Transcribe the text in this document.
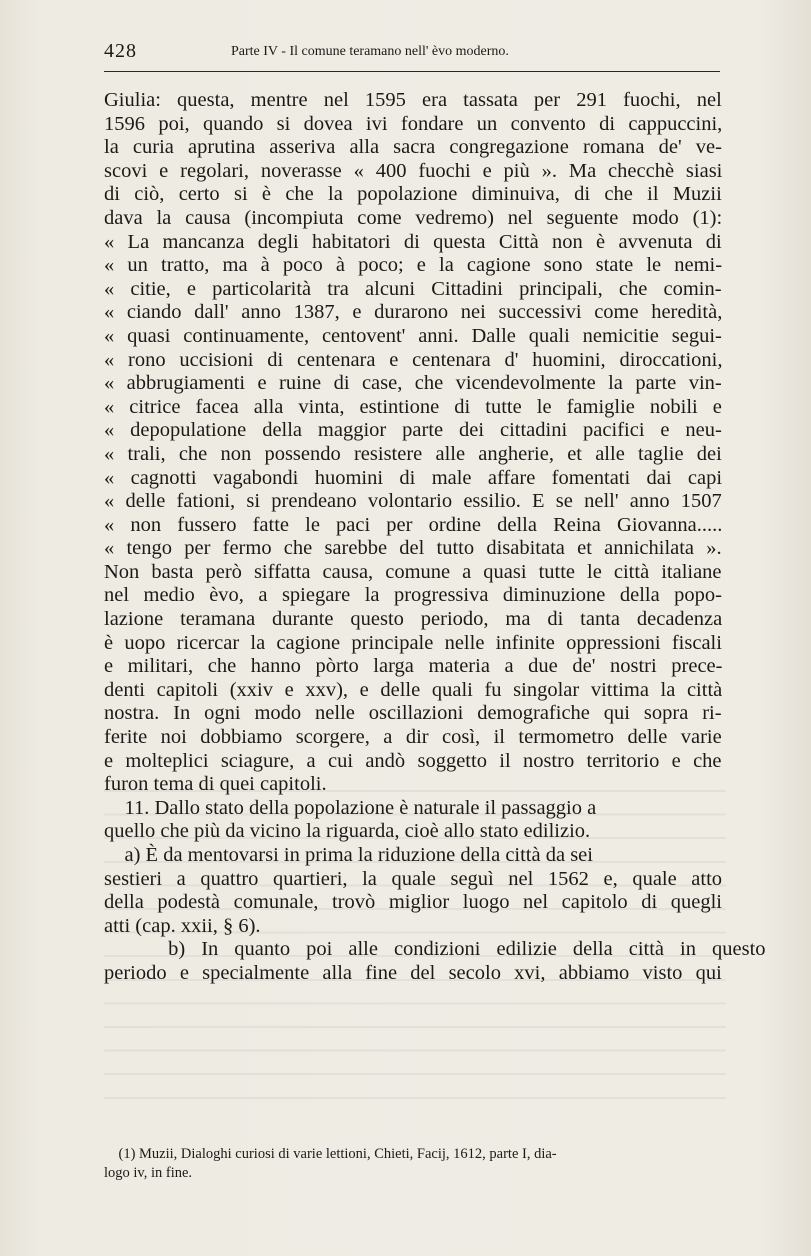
428	Parte IV - Il comune teramano nell' èvo moderno.
Giulia: questa, mentre nel 1595 era tassata per 291 fuochi, nel
1596 poi, quando si dovea ivi fondare un convento di cappuccini,
la curia aprutina asseriva alla sacra congregazione romana de' ve-
scovi e regolari, noverasse « 400 fuochi e più ». Ma checchè siasi
di ciò, certo si è che la popolazione diminuiva, di che il Muzii
dava la causa (incompiuta come vedremo) nel seguente modo (1):
« La mancanza degli habitatori di questa Città non è avvenuta di
« un tratto, ma à poco à poco; e la cagione sono state le nemi-
« citie, e particolarità tra alcuni Cittadini principali, che comin-
« ciando dall' anno 1387, e durarono nei successivi come heredità,
« quasi continuamente, centovent' anni. Dalle quali nemicitie segui-
« rono uccisioni di centenara e centenara d' huomini, diroccationi,
« abbrugiamenti e ruine di case, che vicendevolmente la parte vin-
« citrice facea alla vinta, estintione di tutte le famiglie nobili e
« depopulatione della maggior parte dei cittadini pacifici e neu-
« trali, che non possendo resistere alle angherie, et alle taglie dei
« cagnotti vagabondi huomini di male affare fomentati dai capi
« delle fationi, si prendeano volontario essilio. E se nell' anno 1507
« non fussero fatte le paci per ordine della Reina Giovanna.....
« tengo per fermo che sarebbe del tutto disabitata et annichilata ».
Non basta però siffatta causa, comune a quasi tutte le città italiane
nel medio èvo, a spiegare la progressiva diminuzione della popo-
lazione teramana durante questo periodo, ma di tanta decadenza
è uopo ricercar la cagione principale nelle infinite oppressioni fiscali
e militari, che hanno pòrto larga materia a due de' nostri prece-
denti capitoli (xxiv e xxv), e delle quali fu singolar vittima la città
nostra. In ogni modo nelle oscillazioni demografiche qui sopra ri-
ferite noi dobbiamo scorgere, a dir così, il termometro delle varie
e molteplici sciagure, a cui andò soggetto il nostro territorio e che
furon tema di quei capitoli.
11. Dallo stato della popolazione è naturale il passaggio a
quello che più da vicino la riguarda, cioè allo stato edilizio.
a) È da mentovarsi in prima la riduzione della città da sei
sestieri a quattro quartieri, la quale seguì nel 1562 e, quale atto
della podestà comunale, trovò miglior luogo nel capitolo di quegli
atti (cap. xxii, § 6).
b) In quanto poi alle condizioni edilizie della città in questo
periodo e specialmente alla fine del secolo xvi, abbiamo visto qui
(1) Muzii, Dialoghi curiosi di varie lettioni, Chieti, Facij, 1612, parte I, dia-
logo iv, in fine.
